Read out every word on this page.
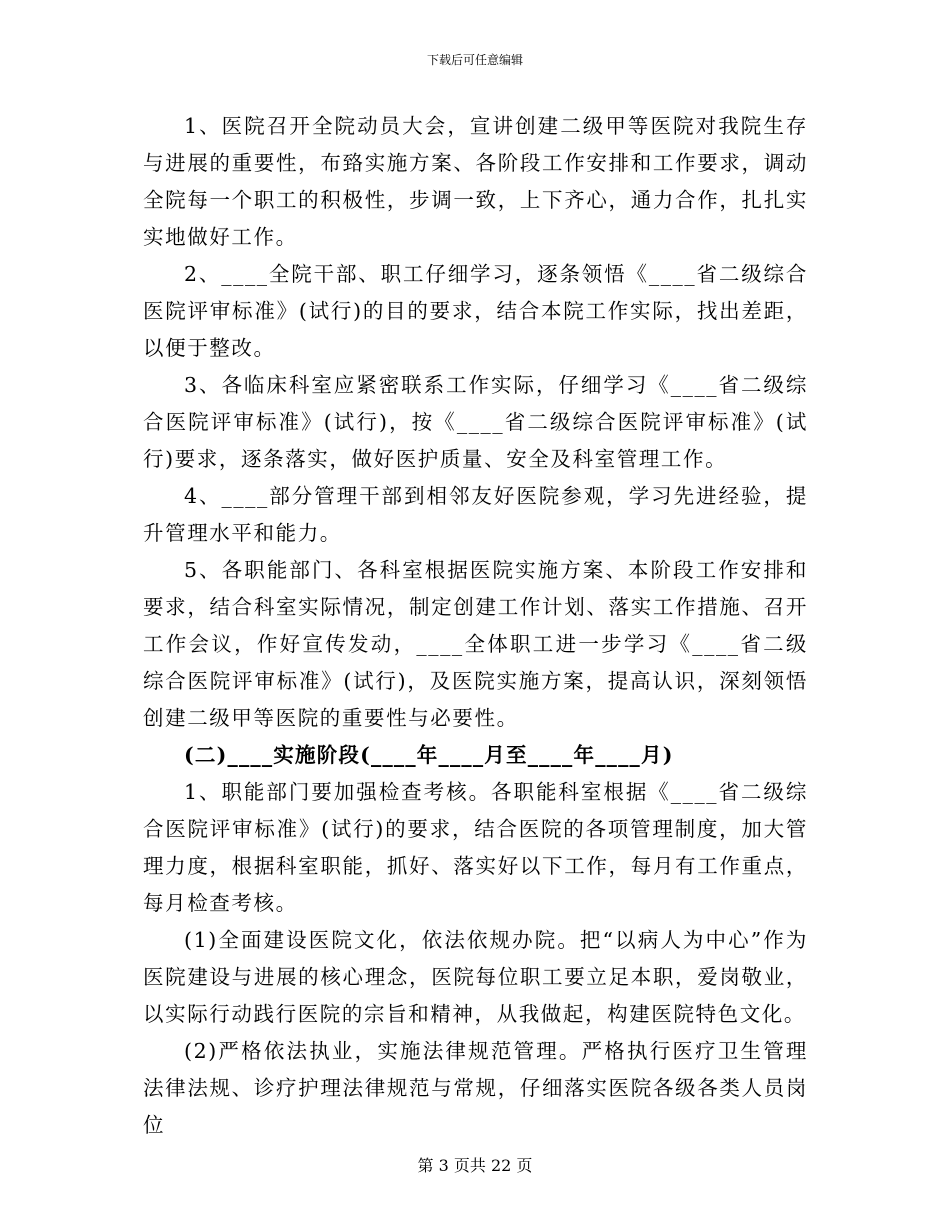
下载后可任意编辑

1、医院召开全院动员大会，宣讲创建二级甲等医院对我院生存与进展的重要性，布臵实施方案、各阶段工作安排和工作要求，调动全院每一个职工的积极性，步调一致，上下齐心，通力合作，扎扎实实地做好工作。

2、____全院干部、职工仔细学习，逐条领悟《____省二级综合医院评审标准》(试行)的目的要求，结合本院工作实际，找出差距，以便于整改。

3、各临床科室应紧密联系工作实际，仔细学习《____省二级综合医院评审标准》(试行)，按《____省二级综合医院评审标准》(试行)要求，逐条落实，做好医护质量、安全及科室管理工作。

4、____部分管理干部到相邻友好医院参观，学习先进经验，提升管理水平和能力。

5、各职能部门、各科室根据医院实施方案、本阶段工作安排和要求，结合科室实际情况，制定创建工作计划、落实工作措施、召开工作会议，作好宣传发动，____全体职工进一步学习《____省二级综合医院评审标准》(试行)，及医院实施方案，提高认识，深刻领悟创建二级甲等医院的重要性与必要性。

(二)____实施阶段(____年____月至____年____月)

1、职能部门要加强检查考核。各职能科室根据《____省二级综合医院评审标准》(试行)的要求，结合医院的各项管理制度，加大管理力度，根据科室职能，抓好、落实好以下工作，每月有工作重点，每月检查考核。

(1)全面建设医院文化，依法依规办院。把“以病人为中心”作为医院建设与进展的核心理念，医院每位职工要立足本职，爱岗敬业，以实际行动践行医院的宗旨和精神，从我做起，构建医院特色文化。

(2)严格依法执业，实施法律规范管理。严格执行医疗卫生管理法律法规、诊疗护理法律规范与常规，仔细落实医院各级各类人员岗位

第 3 页共 22 页
